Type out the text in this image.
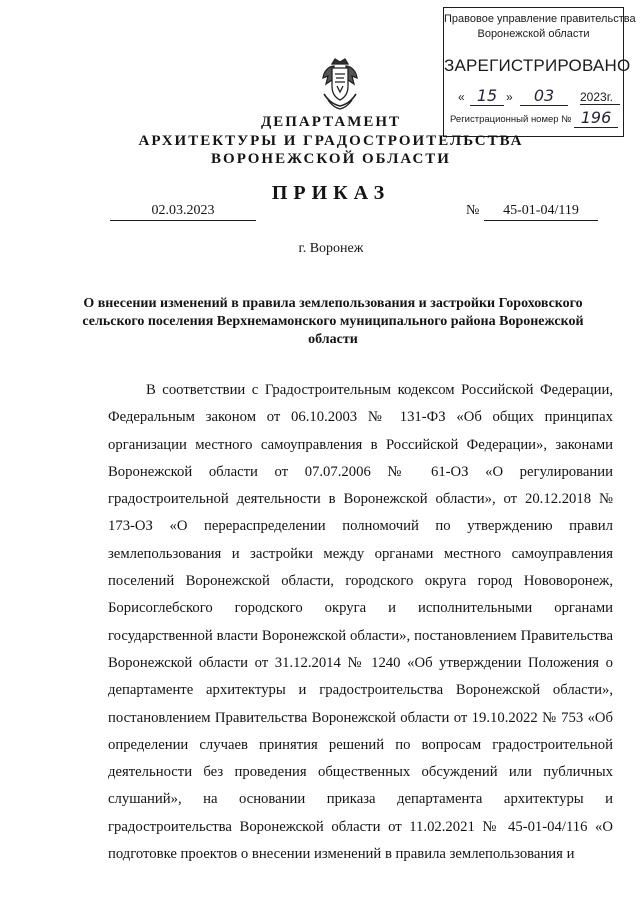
Правовое управление правительства
Воронежской области
ЗАРЕГИСТРИРОВАНО
« 15 »	03	2023г.
Регистрационный номер № 196
ДЕПАРТАМЕНТ
АРХИТЕКТУРЫ И ГРАДОСТРОИТЕЛЬСТВА
ВОРОНЕЖСКОЙ ОБЛАСТИ
ПРИКАЗ
02.03.2023	№	45-01-04/119
г. Воронеж
О внесении изменений в правила землепользования и застройки Гороховского сельского поселения Верхнемамонского муниципального района Воронежской области

В соответствии с Градостроительным кодексом Российской Федерации, Федеральным законом от 06.10.2003 № 131-ФЗ «Об общих принципах организации местного самоуправления в Российской Федерации», законами Воронежской области от 07.07.2006 № 61-ОЗ «О регулировании градостроительной деятельности в Воронежской области», от 20.12.2018 № 173-ОЗ «О перераспределении полномочий по утверждению правил землепользования и застройки между органами местного самоуправления поселений Воронежской области, городского округа город Нововоронеж, Борисоглебского городского округа и исполнительными органами государственной власти Воронежской области», постановлением Правительства Воронежской области от 31.12.2014 № 1240 «Об утверждении Положения о департаменте архитектуры и градостроительства Воронежской области», постановлением Правительства Воронежской области от 19.10.2022 № 753 «Об определении случаев принятия решений по вопросам градостроительной деятельности без проведения общественных обсуждений или публичных слушаний», на основании приказа департамента архитектуры и градостроительства Воронежской области от 11.02.2021 № 45-01-04/116 «О подготовке проектов о внесении изменений в правила землепользования и
